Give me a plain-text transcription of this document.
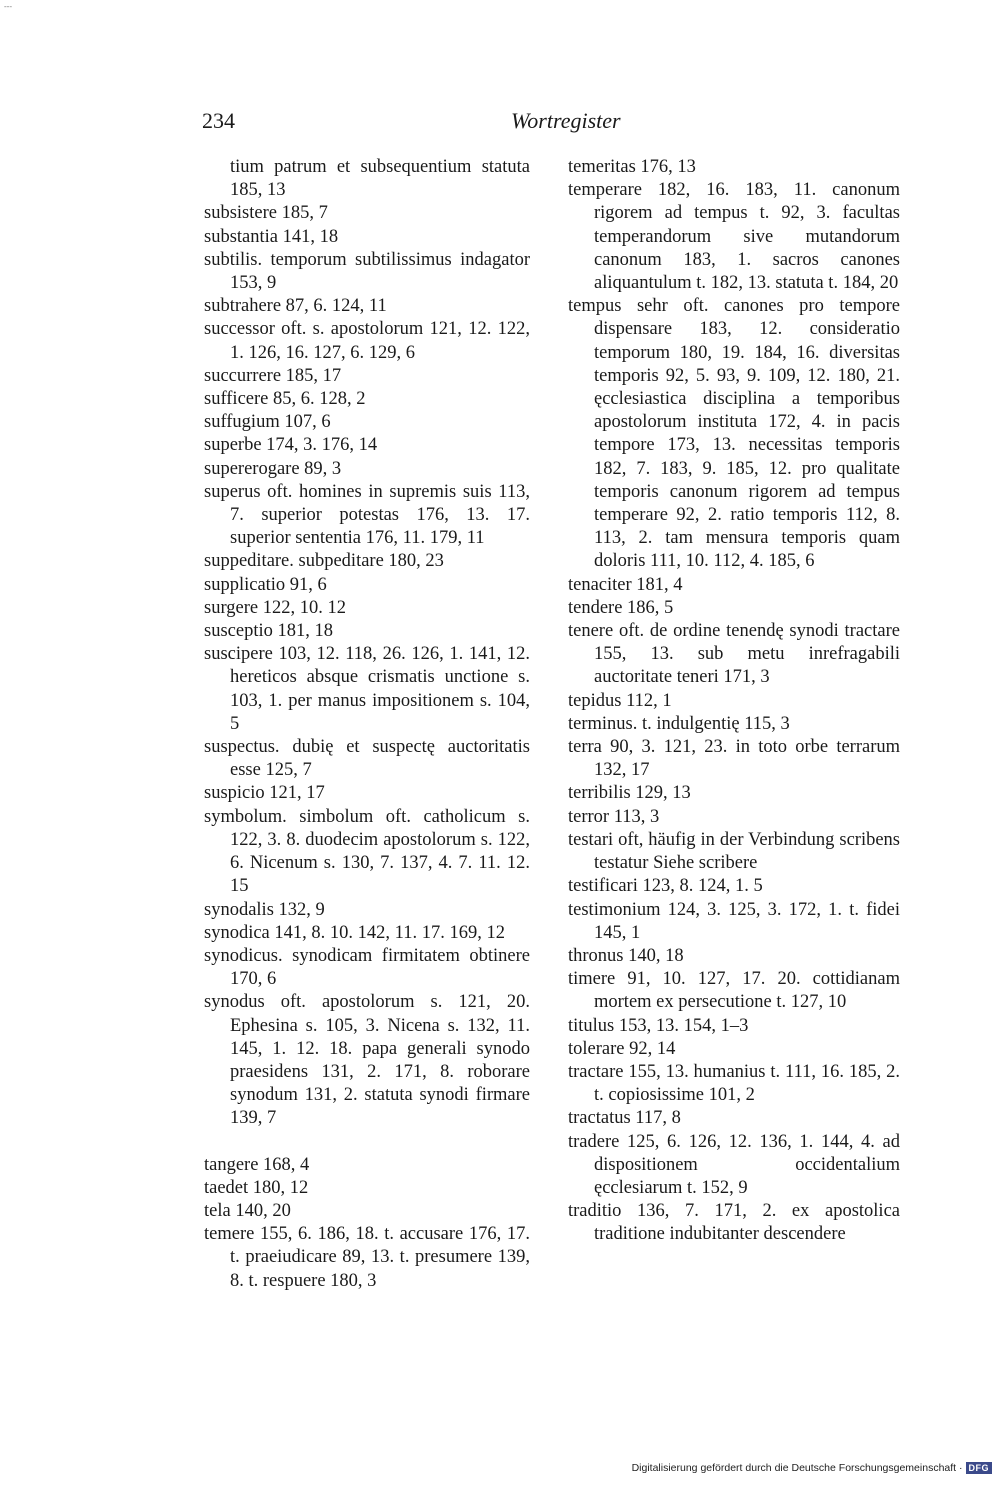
---
234	Wortregister
tium patrum et subsequentium statuta 185, 13
subsistere 185, 7
substantia 141, 18
subtilis. temporum subtilissimus indagator 153, 9
subtrahere 87, 6. 124, 11
successor oft. s. apostolorum 121, 12. 122, 1. 126, 16. 127, 6. 129, 6
succurrere 185, 17
sufficere 85, 6. 128, 2
suffugium 107, 6
superbe 174, 3. 176, 14
supererogare 89, 3
superus oft. homines in supremis suis 113, 7. superior potestas 176, 13. 17. superior sententia 176, 11. 179, 11
suppeditare. subpeditare 180, 23
supplicatio 91, 6
surgere 122, 10. 12
susceptio 181, 18
suscipere 103, 12. 118, 26. 126, 1. 141, 12. hereticos absque crismatis unctione s. 103, 1. per manus impositionem s. 104, 5
suspectus. dubię et suspectę auctoritatis esse 125, 7
suspicio 121, 17
symbolum. simbolum oft. catholicum s. 122, 3. 8. duodecim apostolorum s. 122, 6. Nicenum s. 130, 7. 137, 4. 7. 11. 12. 15
synodalis 132, 9
synodica 141, 8. 10. 142, 11. 17. 169, 12
synodicus. synodicam firmitatem obtinere 170, 6
synodus oft. apostolorum s. 121, 20. Ephesina s. 105, 3. Nicena s. 132, 11. 145, 1. 12. 18. papa generali synodo praesidens 131, 2. 171, 8. roborare synodum 131, 2. statuta synodi firmare 139, 7
tangere 168, 4
taedet 180, 12
tela 140, 20
temere 155, 6. 186, 18. t. accusare 176, 17. t. praeiudicare 89, 13. t. presumere 139, 8. t. respuere 180, 3
temeritas 176, 13
temperare 182, 16. 183, 11. canonum rigorem ad tempus t. 92, 3. facultas temperandorum sive mutandorum canonum 183, 1. sacros canones aliquantulum t. 182, 13. statuta t. 184, 20
tempus sehr oft. canones pro tempore dispensare 183, 12. consideratio temporum 180, 19. 184, 16. diversitas temporis 92, 5. 93, 9. 109, 12. 180, 21. ęcclesiastica disciplina a temporibus apostolorum instituta 172, 4. in pacis tempore 173, 13. necessitas temporis 182, 7. 183, 9. 185, 12. pro qualitate temporis canonum rigorem ad tempus temperare 92, 2. ratio temporis 112, 8. 113, 2. tam mensura temporis quam doloris 111, 10. 112, 4. 185, 6
tenaciter 181, 4
tendere 186, 5
tenere oft. de ordine tenendę synodi tractare 155, 13. sub metu inrefragabili auctoritate teneri 171, 3
tepidus 112, 1
terminus. t. indulgentię 115, 3
terra 90, 3. 121, 23. in toto orbe terrarum 132, 17
terribilis 129, 13
terror 113, 3
testari oft, häufig in der Verbindung scribens testatur Siehe scribere
testificari 123, 8. 124, 1. 5
testimonium 124, 3. 125, 3. 172, 1. t. fidei 145, 1
thronus 140, 18
timere 91, 10. 127, 17. 20. cottidianam mortem ex persecutione t. 127, 10
titulus 153, 13. 154, 1–3
tolerare 92, 14
tractare 155, 13. humanius t. 111, 16. 185, 2. t. copiosissime 101, 2
tractatus 117, 8
tradere 125, 6. 126, 12. 136, 1. 144, 4. ad dispositionem occidentalium ęcclesiarum t. 152, 9
traditio 136, 7. 171, 2. ex apostolica traditione indubitanter descendere
Digitalisierung gefördert durch die Deutsche Forschungsgemeinschaft · DFG
